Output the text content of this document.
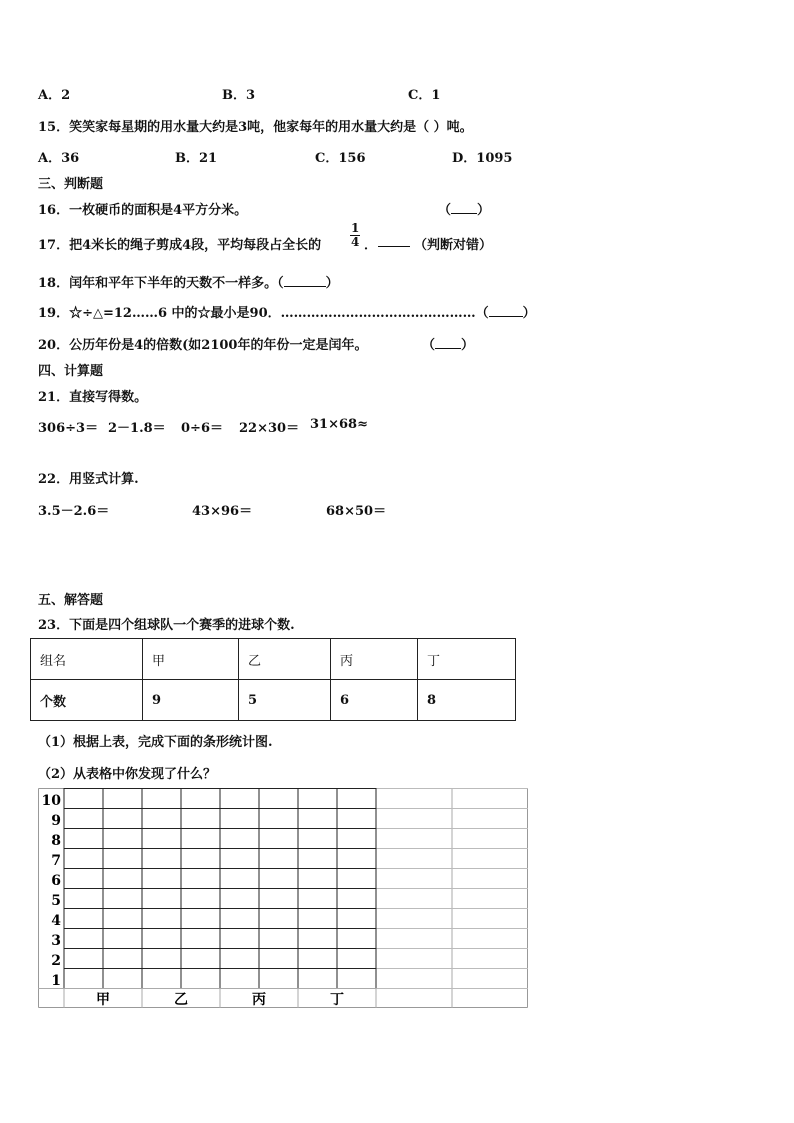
A．2	B．3	C．1
15．笑笑家每星期的用水量大约是3吨，他家每年的用水量大约是（ ）吨。
A．36	B．21	C．156	D．1095
三、判断题
16．一枚硬币的面积是4平方分米。	（ ）
17．把4米长的绳子剪成4段，平均每段占全长的 $\frac{1}{4}$ ．	（判断对错）
18．闰年和平年下半年的天数不一样多。（	）
19．☆÷△=12……6 中的☆最小是90．………………………………………（	）
20．公历年份是4的倍数(如2100年的年份一定是闰年。	（ ）
四、计算题
21．直接写得数。
306÷3＝ 2－1.8＝ 0÷6＝ 22×30＝ 31×68≈
22．用竖式计算.
3.5－2.6＝	43×96＝	68×50＝
五、解答题
23．下面是四个组球队一个赛季的进球个数.
组名	甲	乙	丙	丁
个数	9	5	6	8
（1）根据上表，完成下面的条形统计图.
（2）从表格中你发现了什么？
10
9
8
7
6
5
4
3
2
1
甲	乙	丙	丁
